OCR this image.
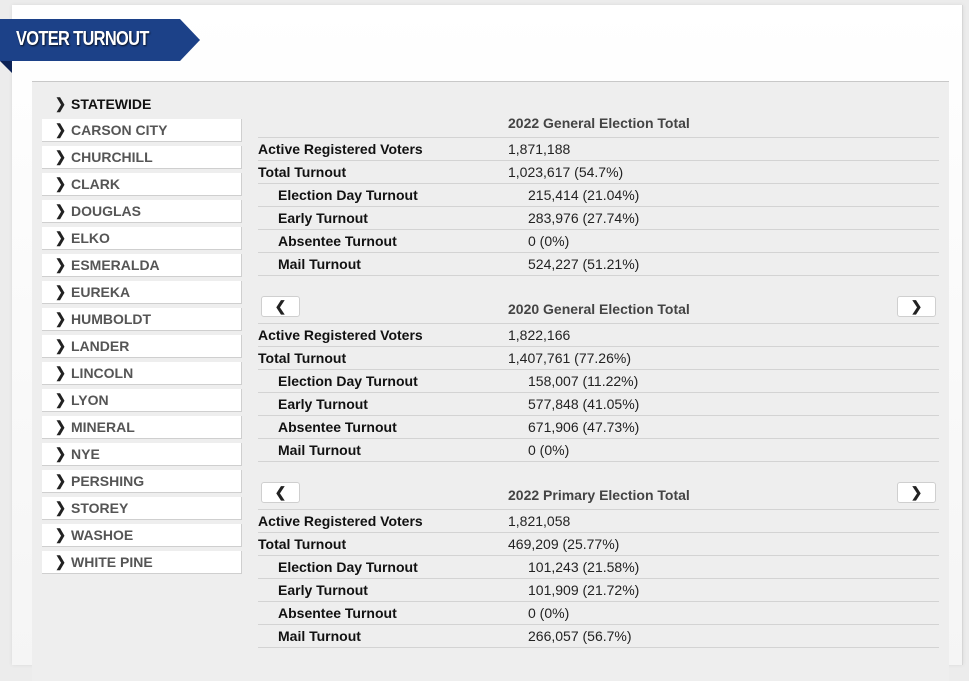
VOTER TURNOUT
❯ STATEWIDE
❯ CARSON CITY
❯ CHURCHILL
❯ CLARK
❯ DOUGLAS
❯ ELKO
❯ ESMERALDA
❯ EUREKA
❯ HUMBOLDT
❯ LANDER
❯ LINCOLN
❯ LYON
❯ MINERAL
❯ NYE
❯ PERSHING
❯ STOREY
❯ WASHOE
❯ WHITE PINE
2022 General Election Total
Active Registered Voters	1,871,188
Total Turnout	1,023,617 (54.7%)
Election Day Turnout	215,414 (21.04%)
Early Turnout	283,976 (27.74%)
Absentee Turnout	0 (0%)
Mail Turnout	524,227 (51.21%)
❮	2020 General Election Total	❯
Active Registered Voters	1,822,166
Total Turnout	1,407,761 (77.26%)
Election Day Turnout	158,007 (11.22%)
Early Turnout	577,848 (41.05%)
Absentee Turnout	671,906 (47.73%)
Mail Turnout	0 (0%)
❮	2022 Primary Election Total	❯
Active Registered Voters	1,821,058
Total Turnout	469,209 (25.77%)
Election Day Turnout	101,243 (21.58%)
Early Turnout	101,909 (21.72%)
Absentee Turnout	0 (0%)
Mail Turnout	266,057 (56.7%)
